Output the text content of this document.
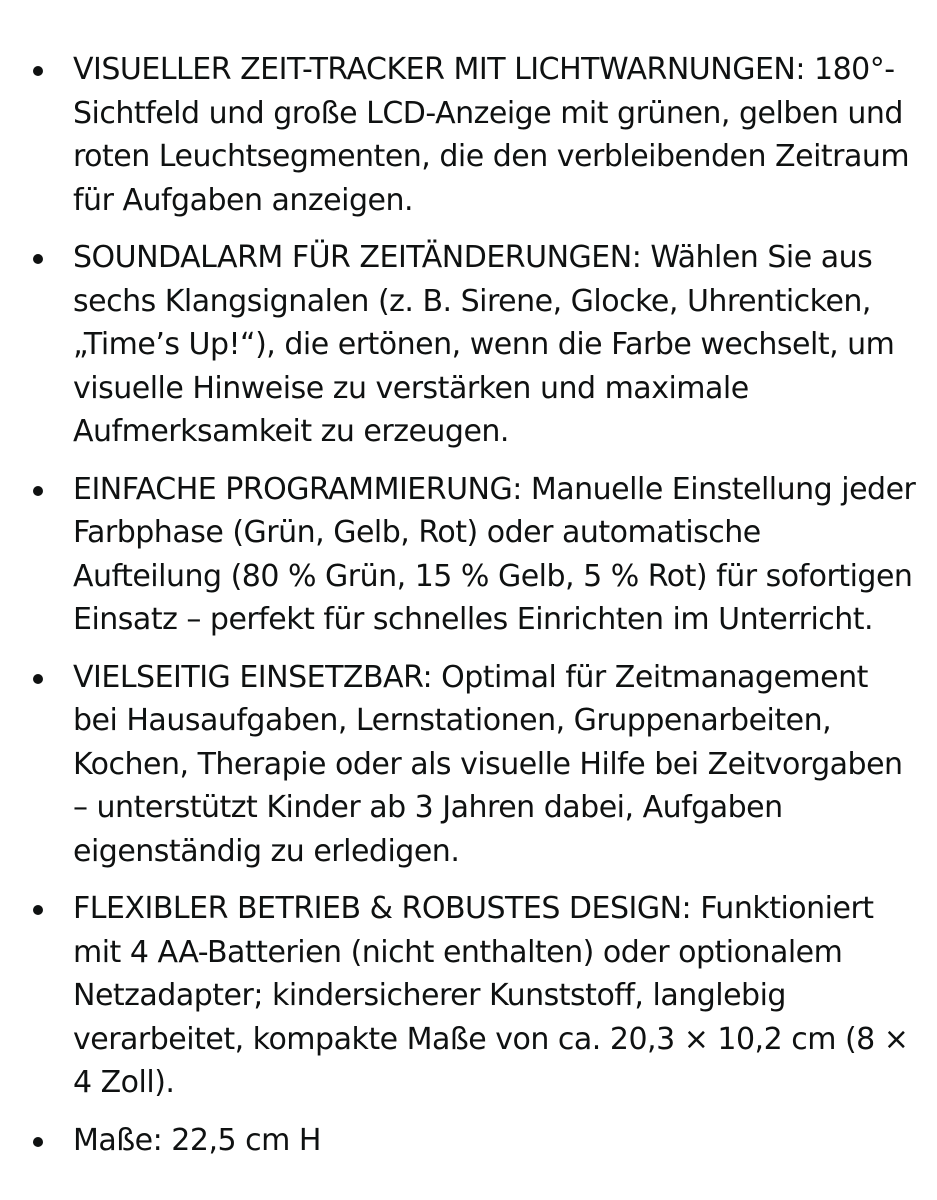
VISUELLER ZEIT-TRACKER MIT LICHTWARNUNGEN: 180°-Sichtfeld und große LCD-Anzeige mit grünen, gelben und roten Leuchtsegmenten, die den verbleibenden Zeitraum für Aufgaben anzeigen.
SOUNDALARM FÜR ZEITÄNDERUNGEN: Wählen Sie aus sechs Klangsignalen (z. B. Sirene, Glocke, Uhrenticken, „Time’s Up!“), die ertönen, wenn die Farbe wechselt, um visuelle Hinweise zu verstärken und maximale Aufmerksamkeit zu erzeugen.
EINFACHE PROGRAMMIERUNG: Manuelle Einstellung jeder Farbphase (Grün, Gelb, Rot) oder automatische Aufteilung (80 % Grün, 15 % Gelb, 5 % Rot) für sofortigen Einsatz – perfekt für schnelles Einrichten im Unterricht.
VIELSEITIG EINSETZBAR: Optimal für Zeitmanagement bei Hausaufgaben, Lernstationen, Gruppenarbeiten, Kochen, Therapie oder als visuelle Hilfe bei Zeitvorgaben – unterstützt Kinder ab 3 Jahren dabei, Aufgaben eigenständig zu erledigen.
FLEXIBLER BETRIEB & ROBUSTES DESIGN: Funktioniert mit 4 AA-Batterien (nicht enthalten) oder optionalem Netzadapter; kindersicherer Kunststoff, langlebig verarbeitet, kompakte Maße von ca. 20,3 × 10,2 cm (8 × 4 Zoll).
Maße: 22,5 cm H
